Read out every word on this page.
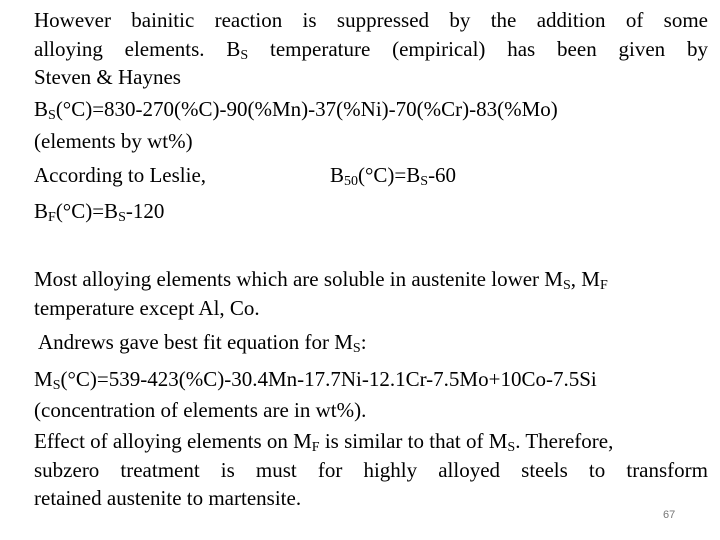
However bainitic reaction is suppressed by the addition of some
alloying elements. $B_S$ temperature (empirical) has been given by
Steven & Haynes
$B_S(^\circ C)=830-270(\%C)-90(\%Mn)-37(\%Ni)-70(\%Cr)-83(\%Mo)$
(elements by wt%)
According to Leslie,	$B_{50}(^\circ C)=B_S-60$
$B_F(^\circ C)=B_S-120$
Most alloying elements which are soluble in austenite lower $M_S$, $M_F$
temperature except Al, Co.
Andrews gave best fit equation for $M_S$:
$M_S(^\circ C)=539-423(\%C)-30.4Mn-17.7Ni-12.1Cr-7.5Mo+10Co-7.5Si$
(concentration of elements are in wt%).
Effect of alloying elements on $M_F$ is similar to that of $M_S$. Therefore,
subzero treatment is must for highly alloyed steels to transform
retained austenite to martensite.
67
